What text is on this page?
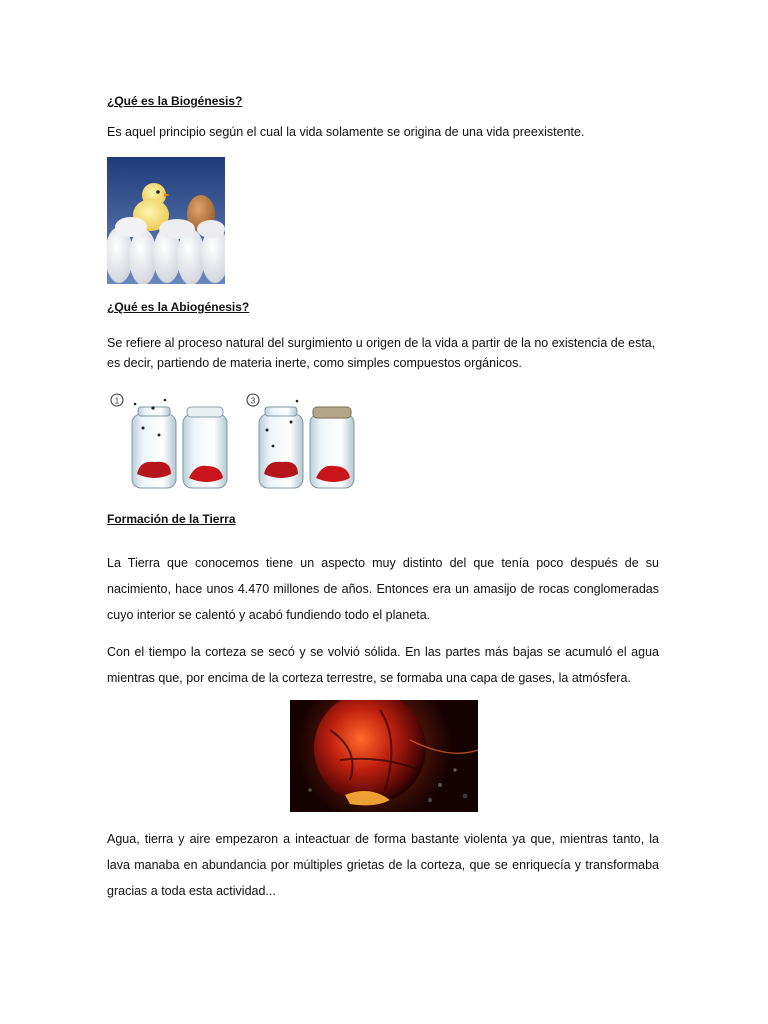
¿Qué es la Biogénesis?

Es aquel principio según el cual la vida solamente se origina de una vida preexistente.

¿Qué es la Abiogénesis?
Se refiere al proceso natural del surgimiento u origen de la vida a partir de la no existencia de esta,
es decir, partiendo de materia inerte, como simples compuestos orgánicos.
1	3
Formación de la Tierra
La Tierra que conocemos tiene un aspecto muy distinto del que tenía poco después de su
nacimiento, hace unos 4.470 millones de años. Entonces era un amasijo de rocas conglomeradas
cuyo interior se calentó y acabó fundiendo todo el planeta.
Con el tiempo la corteza se secó y se volvió sólida. En las partes más bajas se acumuló el agua
mientras que, por encima de la corteza terrestre, se formaba una capa de gases, la atmósfera.
Agua, tierra y aire empezaron a inteactuar de forma bastante violenta ya que, mientras tanto, la
lava manaba en abundancia por múltiples grietas de la corteza, que se enriquecía y transformaba
gracias a toda esta actividad...
